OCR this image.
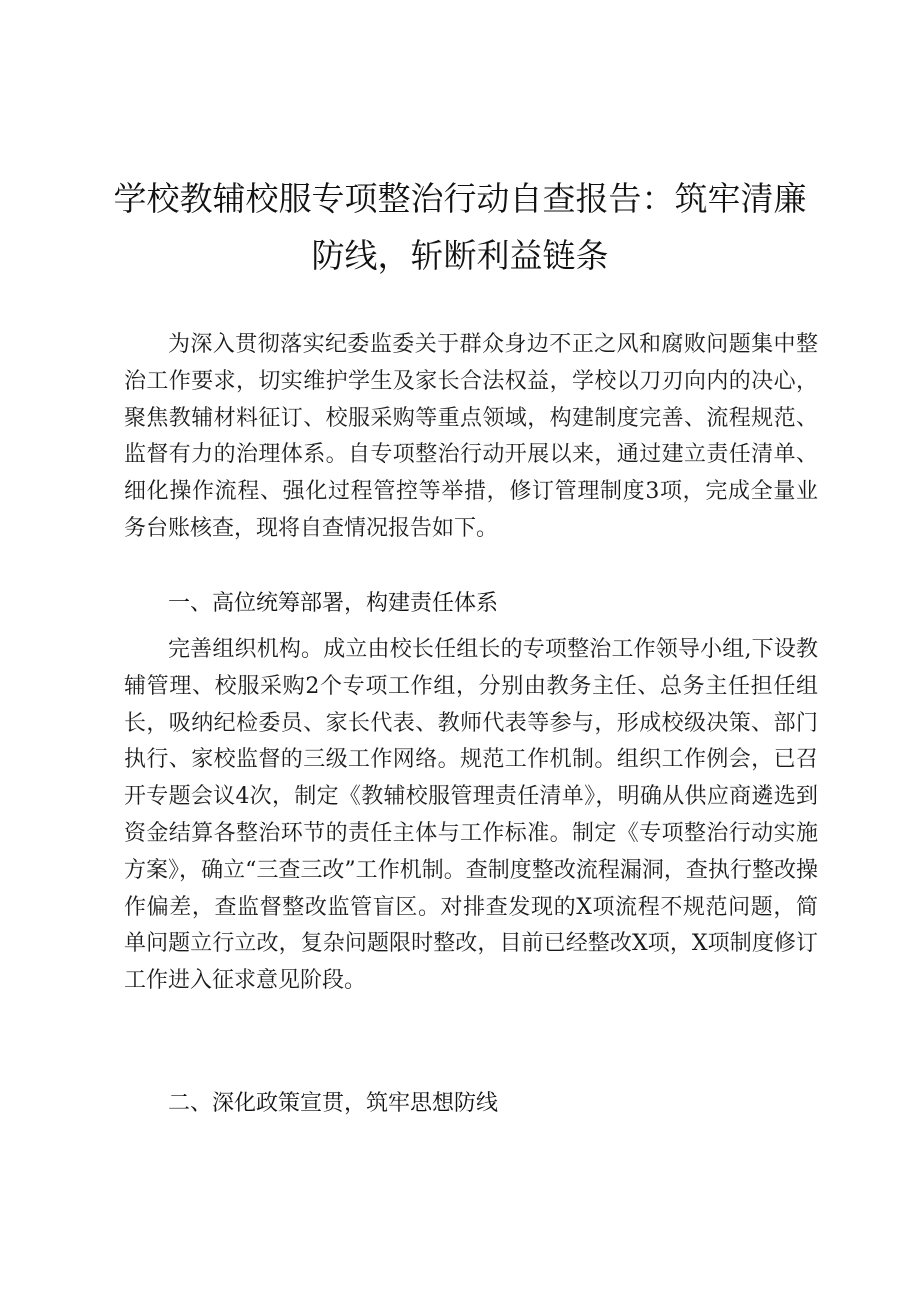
学校教辅校服专项整治行动自查报告：筑牢清廉防线，斩断利益链条

为深入贯彻落实纪委监委关于群众身边不正之风和腐败问题集中整治工作要求，切实维护学生及家长合法权益，学校以刀刃向内的决心，聚焦教辅材料征订、校服采购等重点领域，构建制度完善、流程规范、监督有力的治理体系。自专项整治行动开展以来，通过建立责任清单、细化操作流程、强化过程管控等举措，修订管理制度3项，完成全量业务台账核查，现将自查情况报告如下。

一、高位统筹部署，构建责任体系

完善组织机构。成立由校长任组长的专项整治工作领导小组,下设教辅管理、校服采购2个专项工作组，分别由教务主任、总务主任担任组长，吸纳纪检委员、家长代表、教师代表等参与，形成校级决策、部门执行、家校监督的三级工作网络。规范工作机制。组织工作例会，已召开专题会议4次，制定《教辅校服管理责任清单》，明确从供应商遴选到资金结算各整治环节的责任主体与工作标准。制定《专项整治行动实施方案》，确立“三查三改”工作机制。查制度整改流程漏洞，查执行整改操作偏差，查监督整改监管盲区。对排查发现的X项流程不规范问题，简单问题立行立改，复杂问题限时整改，目前已经整改X项，X项制度修订工作进入征求意见阶段。

二、深化政策宣贯，筑牢思想防线
